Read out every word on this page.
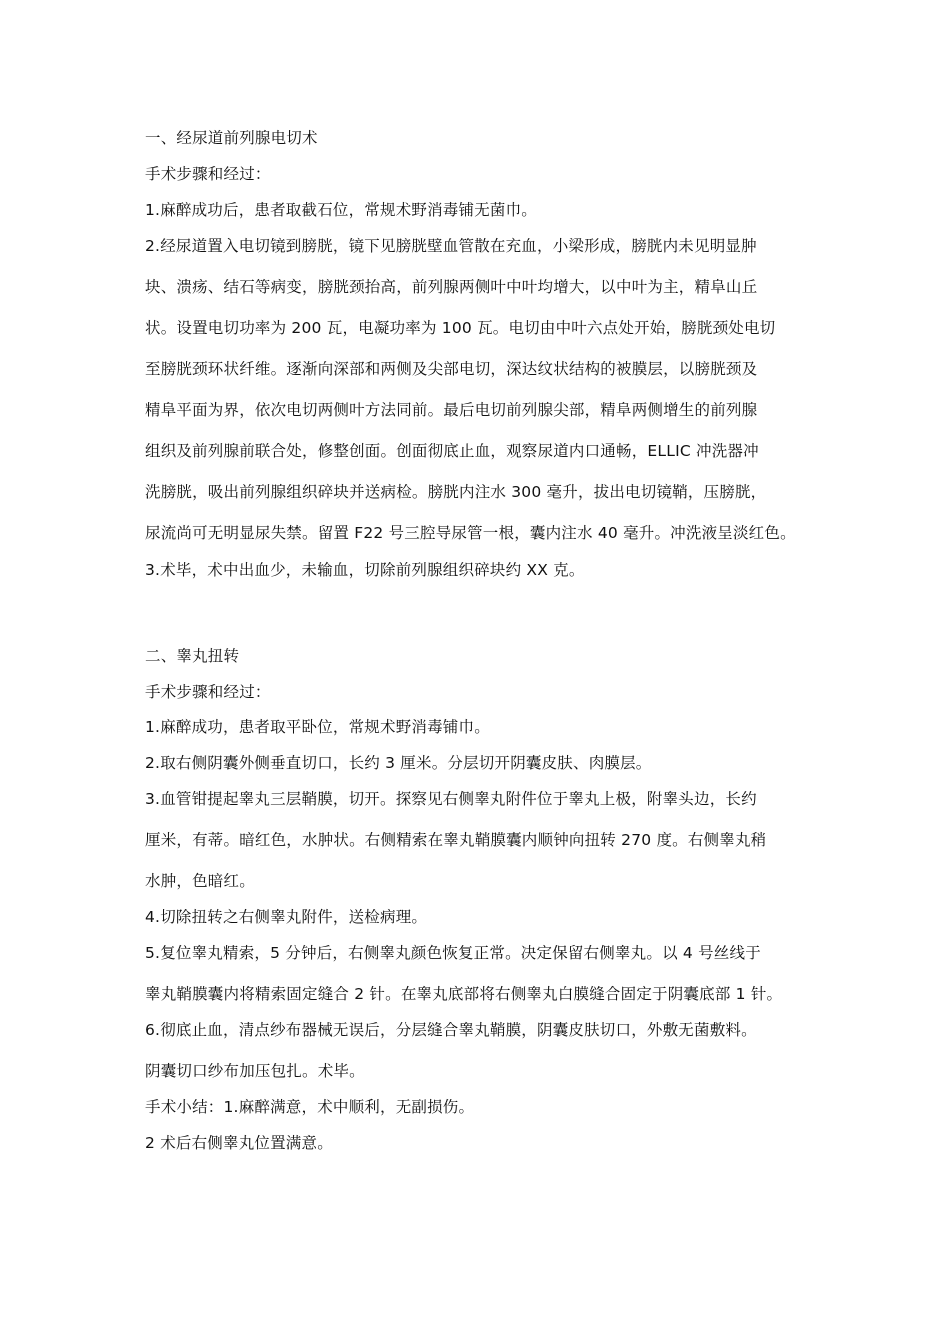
一、经尿道前列腺电切术
手术步骤和经过：
1.麻醉成功后，患者取截石位，常规术野消毒铺无菌巾。
2.经尿道置入电切镜到膀胱，镜下见膀胱壁血管散在充血，小梁形成，膀胱内未见明显肿
块、溃疡、结石等病变，膀胱颈抬高，前列腺两侧叶中叶均增大，以中叶为主，精阜山丘
状。设置电切功率为 200 瓦，电凝功率为 100 瓦。电切由中叶六点处开始，膀胱颈处电切
至膀胱颈环状纤维。逐渐向深部和两侧及尖部电切，深达纹状结构的被膜层，以膀胱颈及
精阜平面为界，依次电切两侧叶方法同前。最后电切前列腺尖部，精阜两侧增生的前列腺
组织及前列腺前联合处，修整创面。创面彻底止血，观察尿道内口通畅，ELLIC 冲洗器冲
洗膀胱，吸出前列腺组织碎块并送病检。膀胱内注水 300 毫升，拔出电切镜鞘，压膀胱，
尿流尚可无明显尿失禁。留置 F22 号三腔导尿管一根，囊内注水 40 毫升。冲洗液呈淡红色。
3.术毕，术中出血少，未输血，切除前列腺组织碎块约 XX 克。
二、睾丸扭转
手术步骤和经过：
1.麻醉成功，患者取平卧位，常规术野消毒铺巾。
2.取右侧阴囊外侧垂直切口，长约 3 厘米。分层切开阴囊皮肤、肉膜层。
3.血管钳提起睾丸三层鞘膜，切开。探察见右侧睾丸附件位于睾丸上极，附睾头边，长约
厘米，有蒂。暗红色，水肿状。右侧精索在睾丸鞘膜囊内顺钟向扭转 270 度。右侧睾丸稍
水肿，色暗红。
4.切除扭转之右侧睾丸附件，送检病理。
5.复位睾丸精索，5 分钟后，右侧睾丸颜色恢复正常。决定保留右侧睾丸。以 4 号丝线于
睾丸鞘膜囊内将精索固定缝合 2 针。在睾丸底部将右侧睾丸白膜缝合固定于阴囊底部 1 针。
6.彻底止血，清点纱布器械无误后，分层缝合睾丸鞘膜，阴囊皮肤切口，外敷无菌敷料。
阴囊切口纱布加压包扎。术毕。
手术小结：1.麻醉满意，术中顺利，无副损伤。
2 术后右侧睾丸位置满意。
